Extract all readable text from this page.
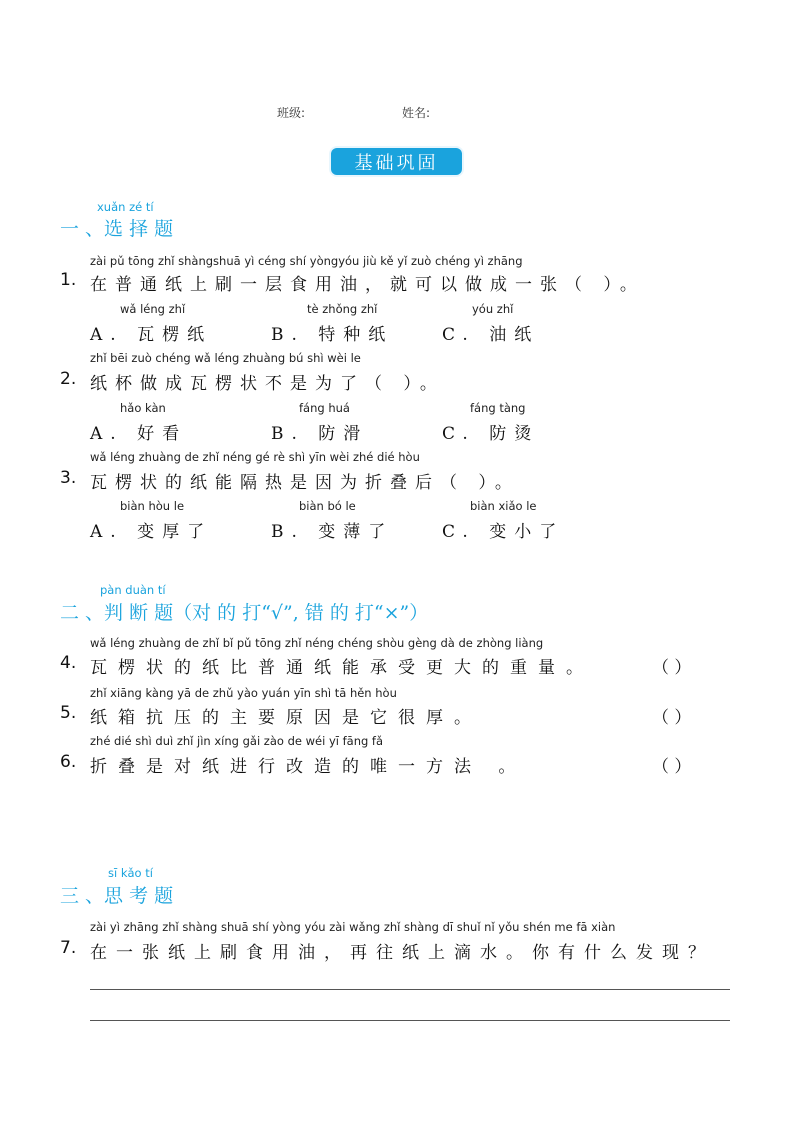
班级:	姓名:
基础巩固
xuǎn zé tí
一 、选 择 题
zài pǔ tōng zhǐ shàngshuā yì céng shí yòngyóu jiù kě yǐ zuò chéng yì zhāng
1. 在普通纸上刷一层食用油，就可以做成一张（ ）。
wǎ léng zhǐ
A. 瓦楞纸
tè zhǒng zhǐ
B. 特种纸
yóu zhǐ
C. 油纸
zhǐ bēi zuò chéng wǎ léng zhuàng bú shì wèi le
2. 纸杯做成瓦楞状不是为了（ ）。
hǎo kàn
A. 好看
fáng huá
B. 防滑
fáng tàng
C. 防烫
wǎ léng zhuàng de zhǐ néng gé rè shì yīn wèi zhé dié hòu
3. 瓦楞状的纸能隔热是因为折叠后（ ）。
biàn hòu le
A. 变厚了
biàn bó le
B. 变薄了
biàn xiǎo le
C. 变小了
pàn duàn tí
二 、判 断 题（对 的 打“√”, 错 的 打“×”）
wǎ léng zhuàng de zhǐ bǐ pǔ tōng zhǐ néng chéng shòu gèng dà de zhòng liàng
4. 瓦楞状的纸比普通纸能承受更大的重量。	（ ）
zhǐ xiāng kàng yā de zhǔ yào yuán yīn shì tā hěn hòu
5. 纸箱抗压的主要原因是它很厚。	（ ）
zhé dié shì duì zhǐ jìn xíng gǎi zào de wéi yī fāng fǎ
6. 折叠是对纸进行改造的唯一方法 。	（ ）
sī kǎo tí
三 、思 考 题
zài yì zhāng zhǐ shàng shuā shí yòng yóu zài wǎng zhǐ shàng dī shuǐ nǐ yǒu shén me fā xiàn
7. 在一张纸上刷食用油，再往纸上滴水。你有什么发现？
